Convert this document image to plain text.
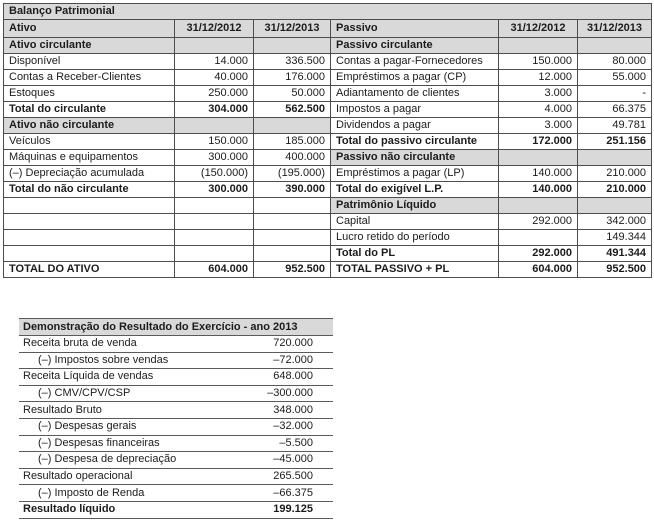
Balanço Patrimonial					
Ativo	31/12/2012	31/12/2013	Passivo	31/12/2012	31/12/2013
Ativo circulante			Passivo circulante		
Disponível	14.000	336.500	Contas a pagar-Fornecedores	150.000	80.000
Contas a Receber-Clientes	40.000	176.000	Empréstimos a pagar (CP)	12.000	55.000
Estoques	250.000	50.000	Adiantamento de clientes	3.000	-
Total do circulante	304.000	562.500	Impostos a pagar	4.000	66.375
Ativo não circulante			Dividendos a pagar	3.000	49.781
Veículos	150.000	185.000	Total do passivo circulante	172.000	251.156
Máquinas e equipamentos	300.000	400.000	Passivo não circulante		
(–) Depreciação acumulada	(150.000)	(195.000)	Empréstimos a pagar (LP)	140.000	210.000
Total do não circulante	300.000	390.000	Total do exigível L.P.	140.000	210.000
			Patrimônio Líquido		
			Capital	292.000	342.000
			Lucro retido do período		149.344
			Total do PL	292.000	491.344
TOTAL DO ATIVO	604.000	952.500	TOTAL PASSIVO + PL	604.000	952.500
Demonstração do Resultado do Exercício - ano 2013	
Receita bruta de venda	720.000
(–) Impostos sobre vendas	–72.000
Receita Líquida de vendas	648.000
(–) CMV/CPV/CSP	–300.000
Resultado Bruto	348.000
(–) Despesas gerais	–32.000
(–) Despesas financeiras	–5.500
(–) Despesa de depreciação	–45.000
Resultado operacional	265.500
(–) Imposto de Renda	–66.375
Resultado líquido	199.125
